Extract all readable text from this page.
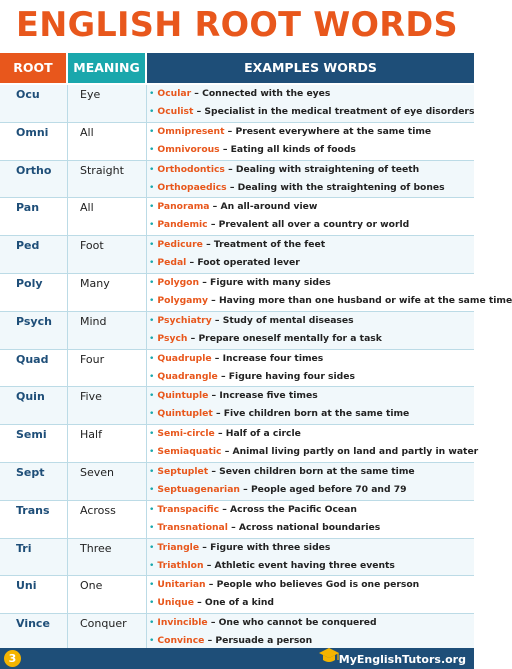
ENGLISH ROOT WORDS
ROOT	MEANING	EXAMPLES WORDS
Ocu	Eye	• Ocular – Connected with the eyes
• Oculist – Specialist in the medical treatment of eye disorders
Omni	All	• Omnipresent – Present everywhere at the same time
• Omnivorous – Eating all kinds of foods
Ortho	Straight	• Orthodontics – Dealing with straightening of teeth
• Orthopaedics – Dealing with the straightening of bones
Pan	All	• Panorama – An all-around view
• Pandemic – Prevalent all over a country or world
Ped	Foot	• Pedicure – Treatment of the feet
• Pedal – Foot operated lever
Poly	Many	• Polygon – Figure with many sides
• Polygamy – Having more than one husband or wife at the same time
Psych	Mind	• Psychiatry – Study of mental diseases
• Psych – Prepare oneself mentally for a task
Quad	Four	• Quadruple – Increase four times
• Quadrangle – Figure having four sides
Quin	Five	• Quintuple – Increase five times
• Quintuplet – Five children born at the same time
Semi	Half	• Semi-circle – Half of a circle
• Semiaquatic – Animal living partly on land and partly in water
Sept	Seven	• Septuplet – Seven children born at the same time
• Septuagenarian – People aged before 70 and 79
Trans	Across	• Transpacific – Across the Pacific Ocean
• Transnational – Across national boundaries
Tri	Three	• Triangle – Figure with three sides
• Triathlon – Athletic event having three events
Uni	One	• Unitarian – People who believes God is one person
• Unique – One of a kind
Vince	Conquer • Invincible – One who cannot be conquered
• Convince – Persuade a person
3	MyEnglishTutors.org
